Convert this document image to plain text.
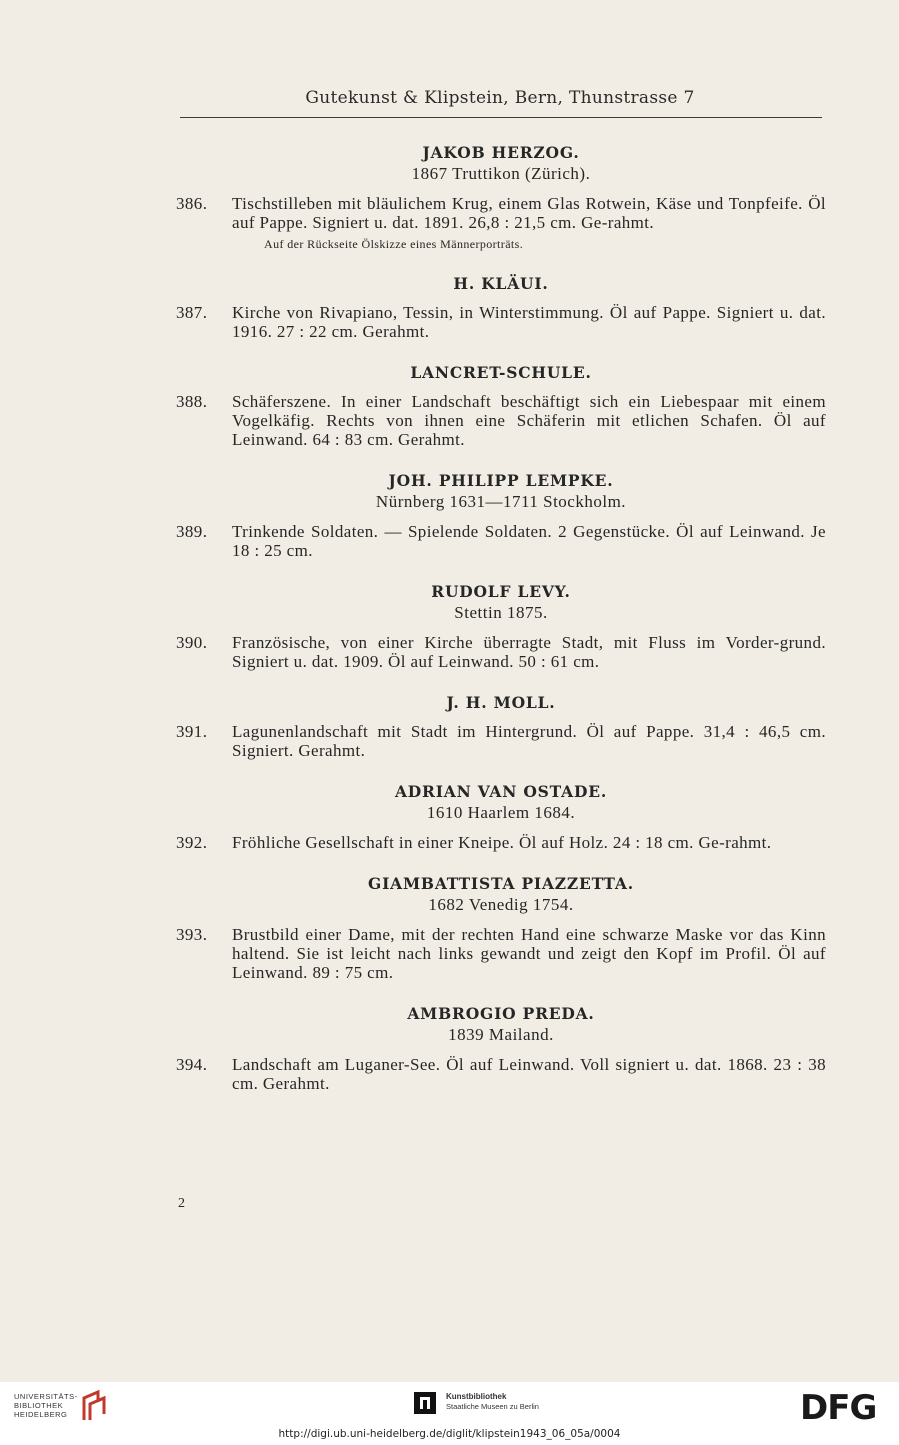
Gutekunst & Klipstein, Bern, Thunstrasse 7
JAKOB HERZOG.
1867 Truttikon (Zürich).
386. Tischstilleben mit bläulichem Krug, einem Glas Rotwein, Käse und Tonpfeife. Öl auf Pappe. Signiert u. dat. 1891. 26,8 : 21,5 cm. Ge-rahmt.
Auf der Rückseite Ölskizze eines Männerporträts.
H. KLÄUI.
387. Kirche von Rivapiano, Tessin, in Winterstimmung. Öl auf Pappe. Signiert u. dat. 1916. 27 : 22 cm. Gerahmt.
LANCRET-SCHULE.
388. Schäferszene. In einer Landschaft beschäftigt sich ein Liebespaar mit einem Vogelkäfig. Rechts von ihnen eine Schäferin mit etlichen Schafen. Öl auf Leinwand. 64 : 83 cm. Gerahmt.
JOH. PHILIPP LEMPKE.
Nürnberg 1631—1711 Stockholm.
389. Trinkende Soldaten. — Spielende Soldaten. 2 Gegenstücke. Öl auf Leinwand. Je 18 : 25 cm.
RUDOLF LEVY.
Stettin 1875.
390. Französische, von einer Kirche überragte Stadt, mit Fluss im Vorder-grund. Signiert u. dat. 1909. Öl auf Leinwand. 50 : 61 cm.
J. H. MOLL.
391. Lagunenlandschaft mit Stadt im Hintergrund. Öl auf Pappe. 31,4 : 46,5 cm. Signiert. Gerahmt.
ADRIAN VAN OSTADE.
1610 Haarlem 1684.
392. Fröhliche Gesellschaft in einer Kneipe. Öl auf Holz. 24 : 18 cm. Ge-rahmt.
GIAMBATTISTA PIAZZETTA.
1682 Venedig 1754.
393. Brustbild einer Dame, mit der rechten Hand eine schwarze Maske vor das Kinn haltend. Sie ist leicht nach links gewandt und zeigt den Kopf im Profil. Öl auf Leinwand. 89 : 75 cm.
AMBROGIO PREDA.
1839 Mailand.
394. Landschaft am Luganer-See. Öl auf Leinwand. Voll signiert u. dat. 1868. 23 : 38 cm. Gerahmt.
2
UNIVERSITÄTS-
BIBLIOTHEK
HEIDELBERG
Kunstbibliothek
Staatliche Museen zu Berlin	DFG
http://digi.ub.uni-heidelberg.de/diglit/klipstein1943_06_05a/0004
